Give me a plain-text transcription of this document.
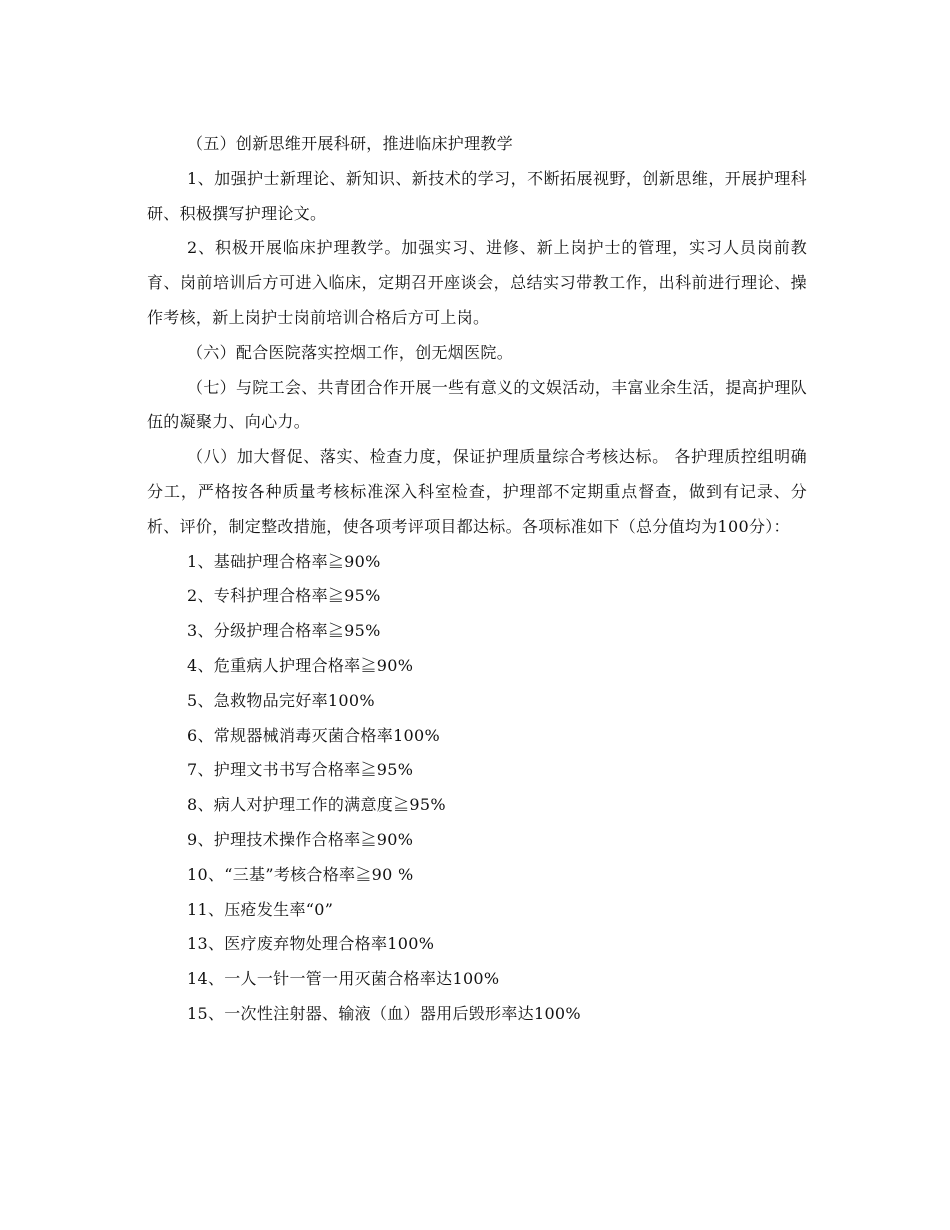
（五）创新思维开展科研，推进临床护理教学

1、加强护士新理论、新知识、新技术的学习，不断拓展视野，创新思维，开展护理科研、积极撰写护理论文。

2、积极开展临床护理教学。加强实习、进修、新上岗护士的管理，实习人员岗前教育、岗前培训后方可进入临床，定期召开座谈会，总结实习带教工作，出科前进行理论、操作考核，新上岗护士岗前培训合格后方可上岗。

（六）配合医院落实控烟工作，创无烟医院。

（七）与院工会、共青团合作开展一些有意义的文娱活动，丰富业余生活，提高护理队伍的凝聚力、向心力。

（八）加大督促、落实、检查力度，保证护理质量综合考核达标。 各护理质控组明确分工，严格按各种质量考核标准深入科室检查，护理部不定期重点督查，做到有记录、分析、评价，制定整改措施，使各项考评项目都达标。各项标准如下（总分值均为100分）：

1、基础护理合格率≧90%

2、专科护理合格率≧95%

3、分级护理合格率≧95%

4、危重病人护理合格率≧90%

5、急救物品完好率100%

6、常规器械消毒灭菌合格率100%

7、护理文书书写合格率≧95%

8、病人对护理工作的满意度≧95%

9、护理技术操作合格率≧90%

10、“三基”考核合格率≧90 %

11、压疮发生率“0”

13、医疗废弃物处理合格率100%

14、一人一针一管一用灭菌合格率达100%

15、一次性注射器、输液（血）器用后毁形率达100%
